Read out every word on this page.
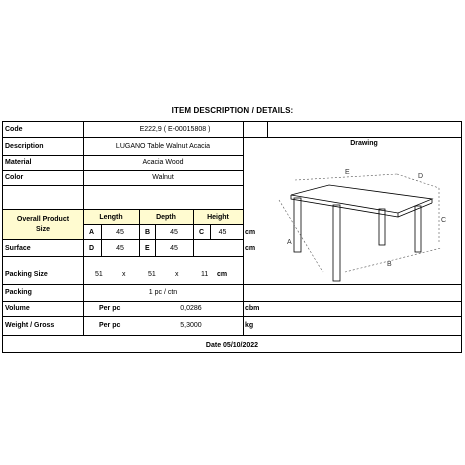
ITEM DESCRIPTION / DETAILS:
Code	E222,9 ( E-00015808 )
Description	LUGANO Table Walnut Acacia
Material	Acacia Wood
Color	Walnut
Overall Product
Size
Length	Depth	Height
A	45	B	45	C	45	cm
Surface	D	45	E	45	cm
Packing Size	51	x	51	x	11 cm
Packing	1 pc / ctn
Volume	Per pc	0,0286	cbm
Weight / Gross	Per pc	5,3000	kg
Drawing
E
D
C
B
A
Date 05/10/2022
